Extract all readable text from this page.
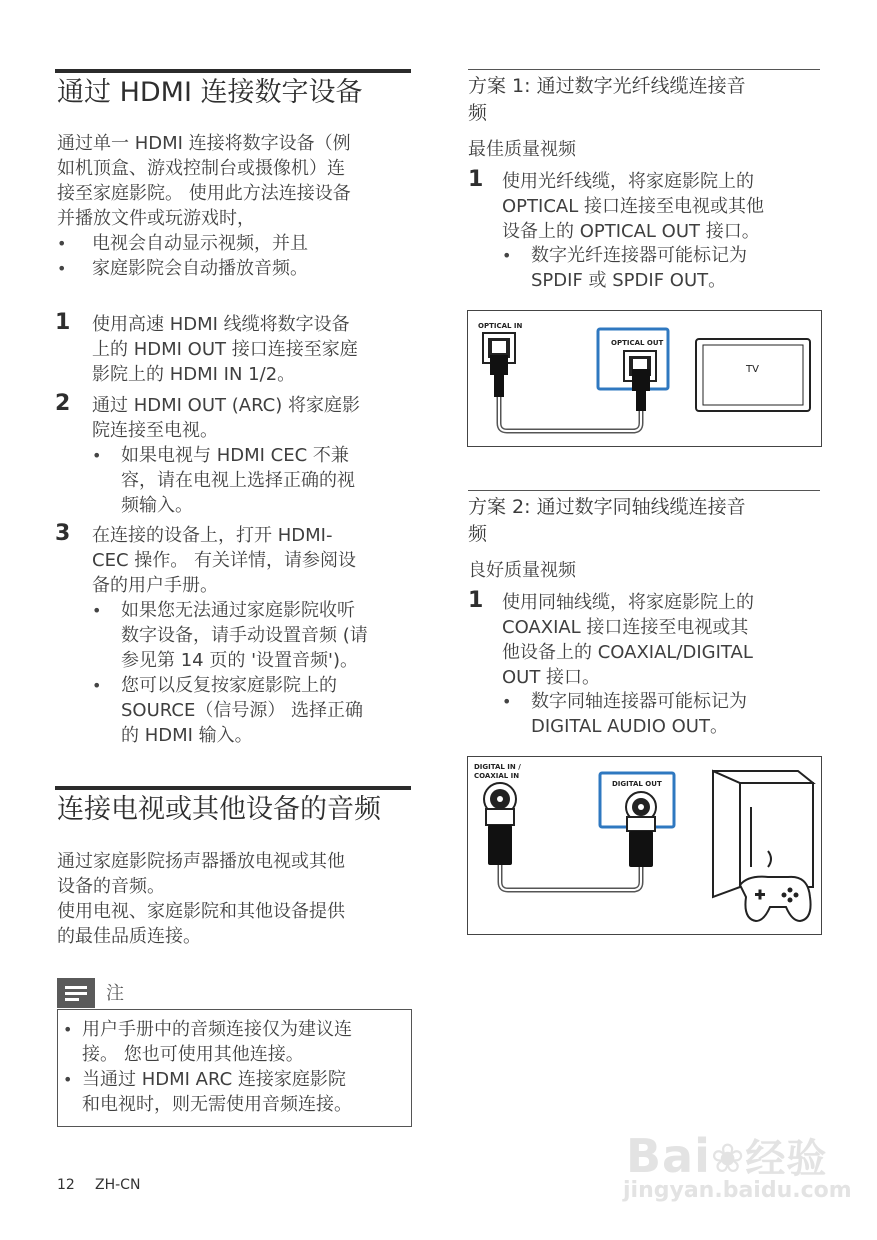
通过 HDMI 连接数字设备
通过单一 HDMI 连接将数字设备（例
如机顶盒、游戏控制台或摄像机）连
接至家庭影院。 使用此方法连接设备
并播放文件或玩游戏时，
• 电视会自动显示视频，并且
• 家庭影院会自动播放音频。
1 使用高速 HDMI 线缆将数字设备
上的 HDMI OUT 接口连接至家庭
影院上的 HDMI IN 1/2。
2 通过 HDMI OUT (ARC) 将家庭影
院连接至电视。
• 如果电视与 HDMI CEC 不兼
容，请在电视上选择正确的视
频输入。
3 在连接的设备上，打开 HDMI-
CEC 操作。 有关详情，请参阅设
备的用户手册。
• 如果您无法通过家庭影院收听
数字设备，请手动设置音频 (请
参见第 14 页的 '设置音频')。
• 您可以反复按家庭影院上的
SOURCE（信号源） 选择正确
的 HDMI 输入。
连接电视或其他设备的音频
通过家庭影院扬声器播放电视或其他
设备的音频。
使用电视、家庭影院和其他设备提供
的最佳品质连接。
注
• 用户手册中的音频连接仅为建议连
接。 您也可使用其他连接。
• 当通过 HDMI ARC 连接家庭影院
和电视时，则无需使用音频连接。
12 ZH-CN
方案 1: 通过数字光纤线缆连接音
频
最佳质量视频
1 使用光纤线缆，将家庭影院上的
OPTICAL 接口连接至电视或其他
设备上的 OPTICAL OUT 接口。
• 数字光纤连接器可能标记为
SPDIF 或 SPDIF OUT。
OPTICAL IN
OPTICAL OUT
TV
方案 2: 通过数字同轴线缆连接音
频
良好质量视频
1 使用同轴线缆，将家庭影院上的
COAXIAL 接口连接至电视或其
他设备上的 COAXIAL/DIGITAL
OUT 接口。
• 数字同轴连接器可能标记为
DIGITAL AUDIO OUT。
DIGITAL IN /
COAXIAL IN
DIGITAL OUT
Bai❀经验
jingyan.baidu.com
